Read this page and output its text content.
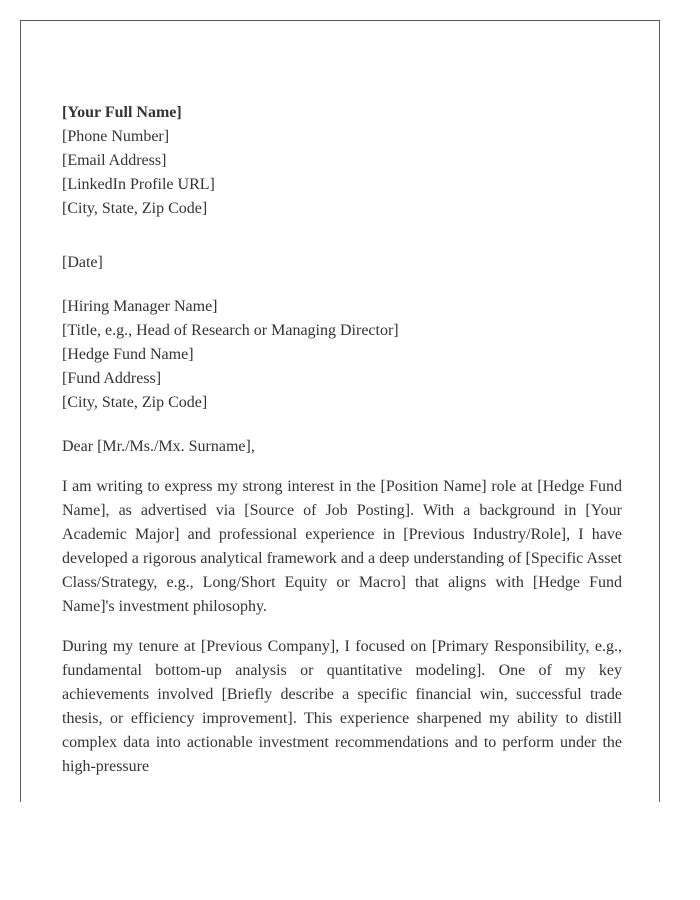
[Your Full Name]
[Phone Number]
[Email Address]
[LinkedIn Profile URL]
[City, State, Zip Code]
[Date]
[Hiring Manager Name]
[Title, e.g., Head of Research or Managing Director]
[Hedge Fund Name]
[Fund Address]
[City, State, Zip Code]
Dear [Mr./Ms./Mx. Surname],

I am writing to express my strong interest in the [Position Name] role at [Hedge Fund Name], as advertised via [Source of Job Posting]. With a background in [Your Academic Major] and professional experience in [Previous Industry/Role], I have developed a rigorous analytical framework and a deep understanding of [Specific Asset Class/Strategy, e.g., Long/Short Equity or Macro] that aligns with [Hedge Fund Name]'s investment philosophy.

During my tenure at [Previous Company], I focused on [Primary Responsibility, e.g., fundamental bottom-up analysis or quantitative modeling]. One of my key achievements involved [Briefly describe a specific financial win, successful trade thesis, or efficiency improvement]. This experience sharpened my ability to distill complex data into actionable investment recommendations and to perform under the high-pressure
